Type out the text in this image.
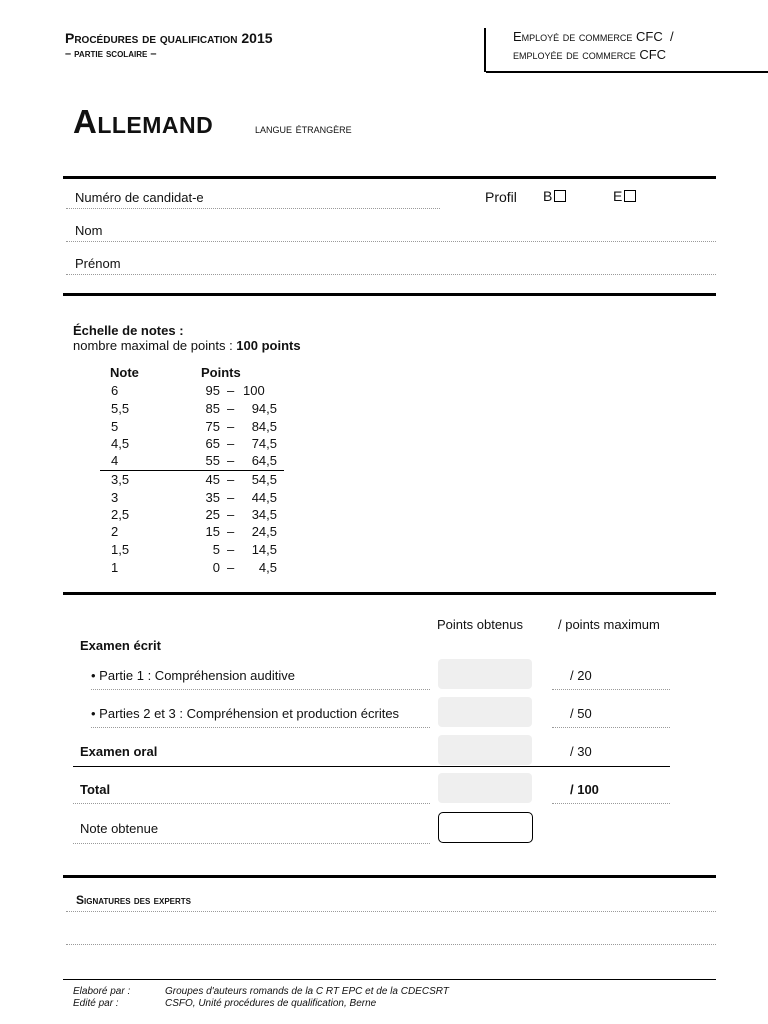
Procédures de qualification 2015
– partie scolaire –
Employé de commerce CFC  /
employée de commerce CFC
Allemand	langue étrangère
Numéro de candidat-e	Profil B	E
Nom
Prénom
Échelle de notes :
nombre maximal de points : 100 points
Note	Points
6	95 – 100
5,5	85 –	94,5
5	75 –	84,5
4,5	65 –	74,5
4	55 –	64,5
3,5	45 –	54,5
3	35 –	44,5
2,5	25 –	34,5
2	15 –	24,5
1,5	5 –	14,5
1	0 –	4,5
Points obtenus	/ points maximum
Examen écrit
• Partie 1 : Compréhension auditive	/ 20
• Parties 2 et 3 : Compréhension et production écrites	/ 50
Examen oral	/ 30
Total	/ 100
Note obtenue
Signatures des experts
Elaboré par :	Groupes d'auteurs romands de la C RT EPC et de la CDECSRT
Edité par :	CSFO, Unité procédures de qualification, Berne
